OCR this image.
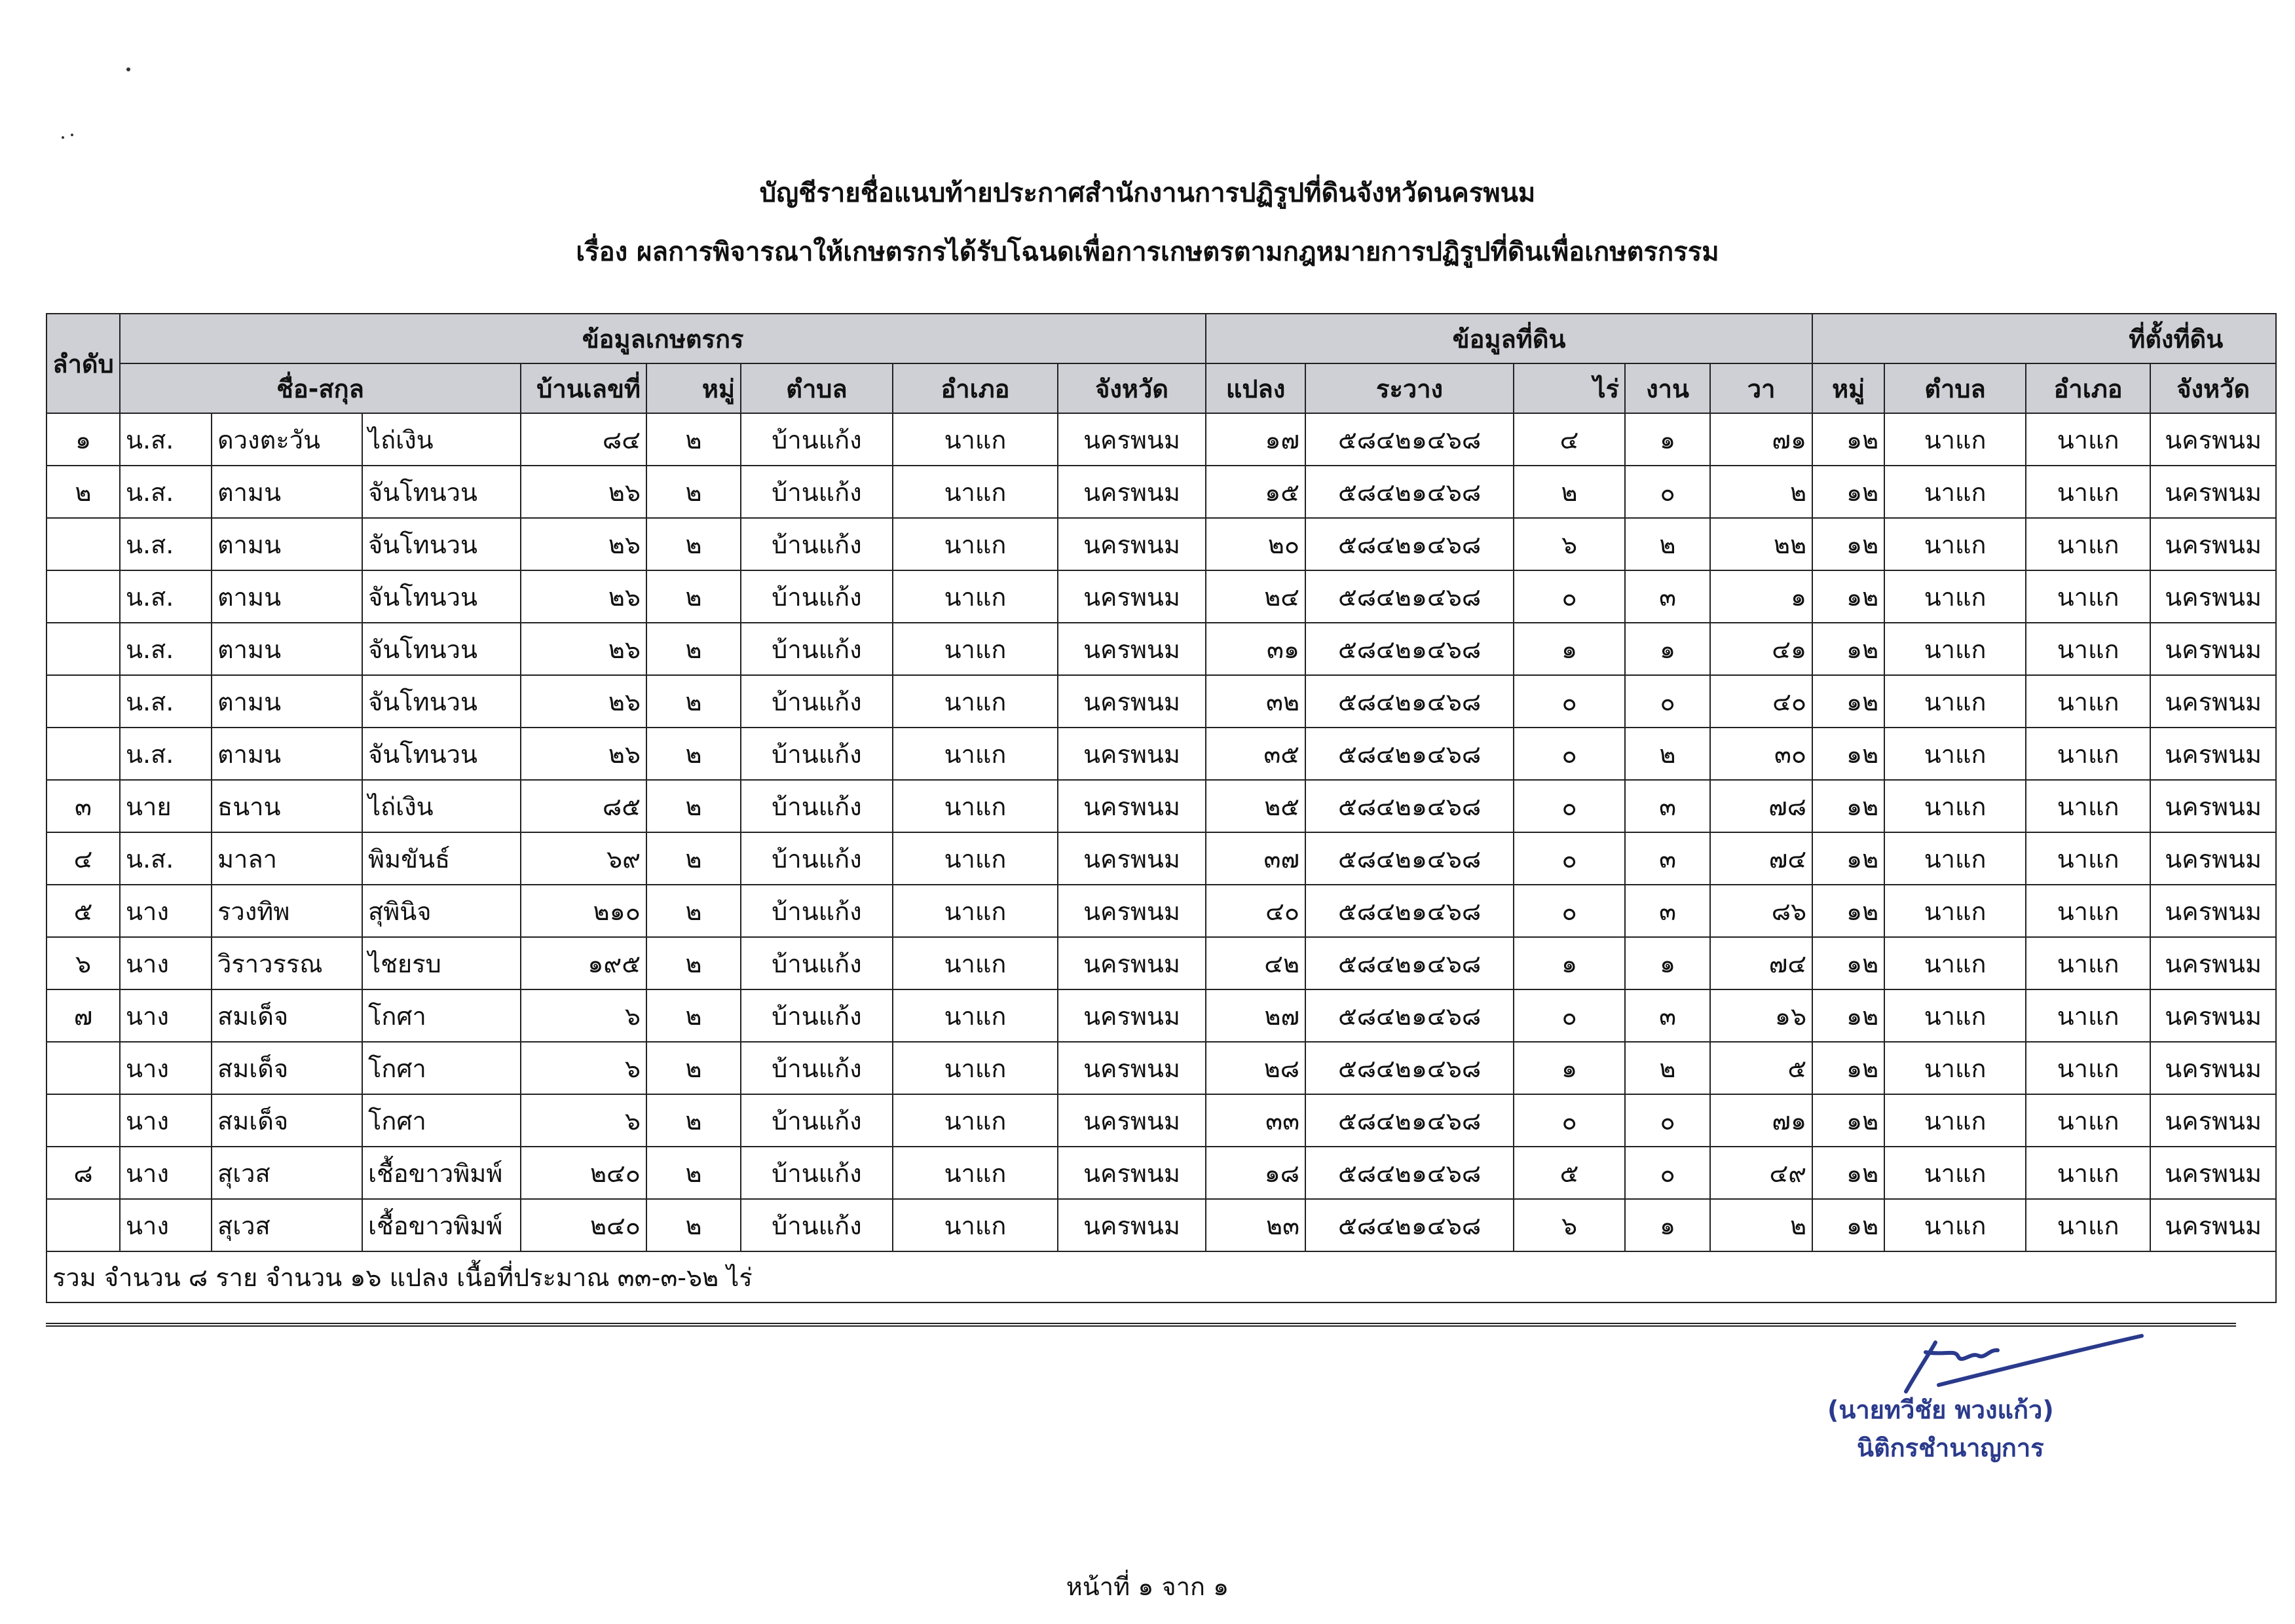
บัญชีรายชื่อแนบท้ายประกาศสำนักงานการปฏิรูปที่ดินจังหวัดนครพนม
เรื่อง ผลการพิจารณาให้เกษตรกรได้รับโฉนดเพื่อการเกษตรตามกฎหมายการปฏิรูปที่ดินเพื่อเกษตรกรรม
ลำดับ	ข้อมูลเกษตรกร								ข้อมูลที่ดิน					ที่ตั้งที่ดิน			
	ชื่อ-สกุล			บ้านเลขที่	หมู่	ตำบล	อำเภอ	จังหวัด	แปลง	ระวาง	ไร่	งาน	วา	หมู่	ตำบล	อำเภอ	จังหวัด
๑	น.ส.	ดวงตะวัน	ไถ่เงิน	๘๔	๒	บ้านแก้ง	นาแก	นครพนม	๑๗	๕๘๔๒๑๔๖๘	๔	๑	๗๑	๑๒	นาแก	นาแก	นครพนม
๒	น.ส.	ตามน	จันโทนวน	๒๖	๒	บ้านแก้ง	นาแก	นครพนม	๑๕	๕๘๔๒๑๔๖๘	๒	๐	๒	๑๒	นาแก	นาแก	นครพนม
	น.ส.	ตามน	จันโทนวน	๒๖	๒	บ้านแก้ง	นาแก	นครพนม	๒๐	๕๘๔๒๑๔๖๘	๖	๒	๒๒	๑๒	นาแก	นาแก	นครพนม
	น.ส.	ตามน	จันโทนวน	๒๖	๒	บ้านแก้ง	นาแก	นครพนม	๒๔	๕๘๔๒๑๔๖๘	๐	๓	๑	๑๒	นาแก	นาแก	นครพนม
	น.ส.	ตามน	จันโทนวน	๒๖	๒	บ้านแก้ง	นาแก	นครพนม	๓๑	๕๘๔๒๑๔๖๘	๑	๑	๔๑	๑๒	นาแก	นาแก	นครพนม
	น.ส.	ตามน	จันโทนวน	๒๖	๒	บ้านแก้ง	นาแก	นครพนม	๓๒	๕๘๔๒๑๔๖๘	๐	๐	๔๐	๑๒	นาแก	นาแก	นครพนม
	น.ส.	ตามน	จันโทนวน	๒๖	๒	บ้านแก้ง	นาแก	นครพนม	๓๕	๕๘๔๒๑๔๖๘	๐	๒	๓๐	๑๒	นาแก	นาแก	นครพนม
๓	นาย	ธนาน	ไถ่เงิน	๘๕	๒	บ้านแก้ง	นาแก	นครพนม	๒๕	๕๘๔๒๑๔๖๘	๐	๓	๗๘	๑๒	นาแก	นาแก	นครพนม
๔	น.ส.	มาลา	พิมขันธ์	๖๙	๒	บ้านแก้ง	นาแก	นครพนม	๓๗	๕๘๔๒๑๔๖๘	๐	๓	๗๔	๑๒	นาแก	นาแก	นครพนม
๕	นาง	รวงทิพ	สุพินิจ	๒๑๐	๒	บ้านแก้ง	นาแก	นครพนม	๔๐	๕๘๔๒๑๔๖๘	๐	๓	๘๖	๑๒	นาแก	นาแก	นครพนม
๖	นาง	วิราวรรณ	ไชยรบ	๑๙๕	๒	บ้านแก้ง	นาแก	นครพนม	๔๒	๕๘๔๒๑๔๖๘	๑	๑	๗๔	๑๒	นาแก	นาแก	นครพนม
๗	นาง	สมเด็จ	โกศา	๖	๒	บ้านแก้ง	นาแก	นครพนม	๒๗	๕๘๔๒๑๔๖๘	๐	๓	๑๖	๑๒	นาแก	นาแก	นครพนม
	นาง	สมเด็จ	โกศา	๖	๒	บ้านแก้ง	นาแก	นครพนม	๒๘	๕๘๔๒๑๔๖๘	๑	๒	๕	๑๒	นาแก	นาแก	นครพนม
	นาง	สมเด็จ	โกศา	๖	๒	บ้านแก้ง	นาแก	นครพนม	๓๓	๕๘๔๒๑๔๖๘	๐	๐	๗๑	๑๒	นาแก	นาแก	นครพนม
๘	นาง	สุเวส	เชื้อขาวพิมพ์	๒๔๐	๒	บ้านแก้ง	นาแก	นครพนม	๑๘	๕๘๔๒๑๔๖๘	๕	๐	๔๙	๑๒	นาแก	นาแก	นครพนม
	นาง	สุเวส	เชื้อขาวพิมพ์	๒๔๐	๒	บ้านแก้ง	นาแก	นครพนม	๒๓	๕๘๔๒๑๔๖๘	๖	๑	๒	๑๒	นาแก	นาแก	นครพนม
รวม จำนวน ๘ ราย จำนวน ๑๖ แปลง เนื้อที่ประมาณ ๓๓-๓-๖๒ ไร่																	
(นายทวีชัย พวงแก้ว)
นิติกรชำนาญการ
หน้าที่ ๑ จาก ๑
